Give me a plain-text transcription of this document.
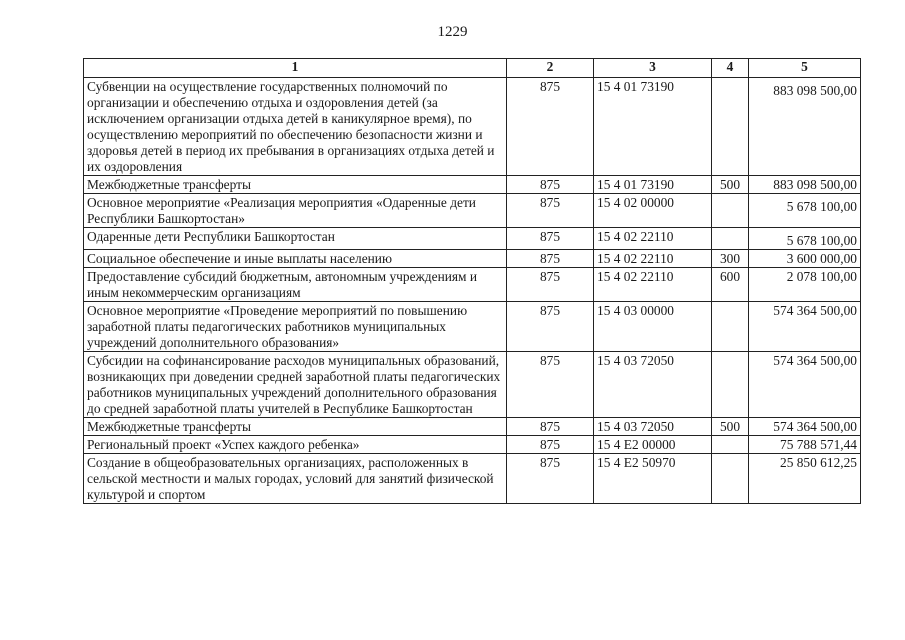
1229
1	2	3	4	5
Субвенции на осуществление государственных полномочий по организации и обеспечению отдыха и оздоровления детей (за исключением организации отдыха детей в каникулярное время), по осуществлению мероприятий по обеспечению безопасности жизни и здоровья детей в период их пребывания в организациях отдыха детей и их оздоровления	875	15 4 01 73190		883 098 500,00
Межбюджетные трансферты	875	15 4 01 73190	500	883 098 500,00
Основное мероприятие «Реализация мероприятия «Одаренные дети Республики Башкортостан»	875	15 4 02 00000		5 678 100,00
Одаренные дети Республики Башкортостан	875	15 4 02 22110		5 678 100,00
Социальное обеспечение и иные выплаты населению	875	15 4 02 22110	300	3 600 000,00
Предоставление субсидий бюджетным, автономным учреждениям и иным некоммерческим организациям	875	15 4 02 22110	600	2 078 100,00
Основное мероприятие «Проведение мероприятий по повышению заработной платы педагогических работников муниципальных учреждений дополнительного образования»	875	15 4 03 00000		574 364 500,00
Субсидии на софинансирование расходов муниципальных образований, возникающих при доведении средней заработной платы педагогических работников муниципальных учреждений дополнительного образования до средней заработной платы учителей в Республике Башкортостан	875	15 4 03 72050		574 364 500,00
Межбюджетные трансферты	875	15 4 03 72050	500	574 364 500,00
Региональный проект «Успех каждого ребенка»	875	15 4 E2 00000		75 788 571,44
Создание в общеобразовательных организациях, расположенных в сельской местности и малых городах, условий для занятий физической культурой и спортом	875	15 4 E2 50970		25 850 612,25
